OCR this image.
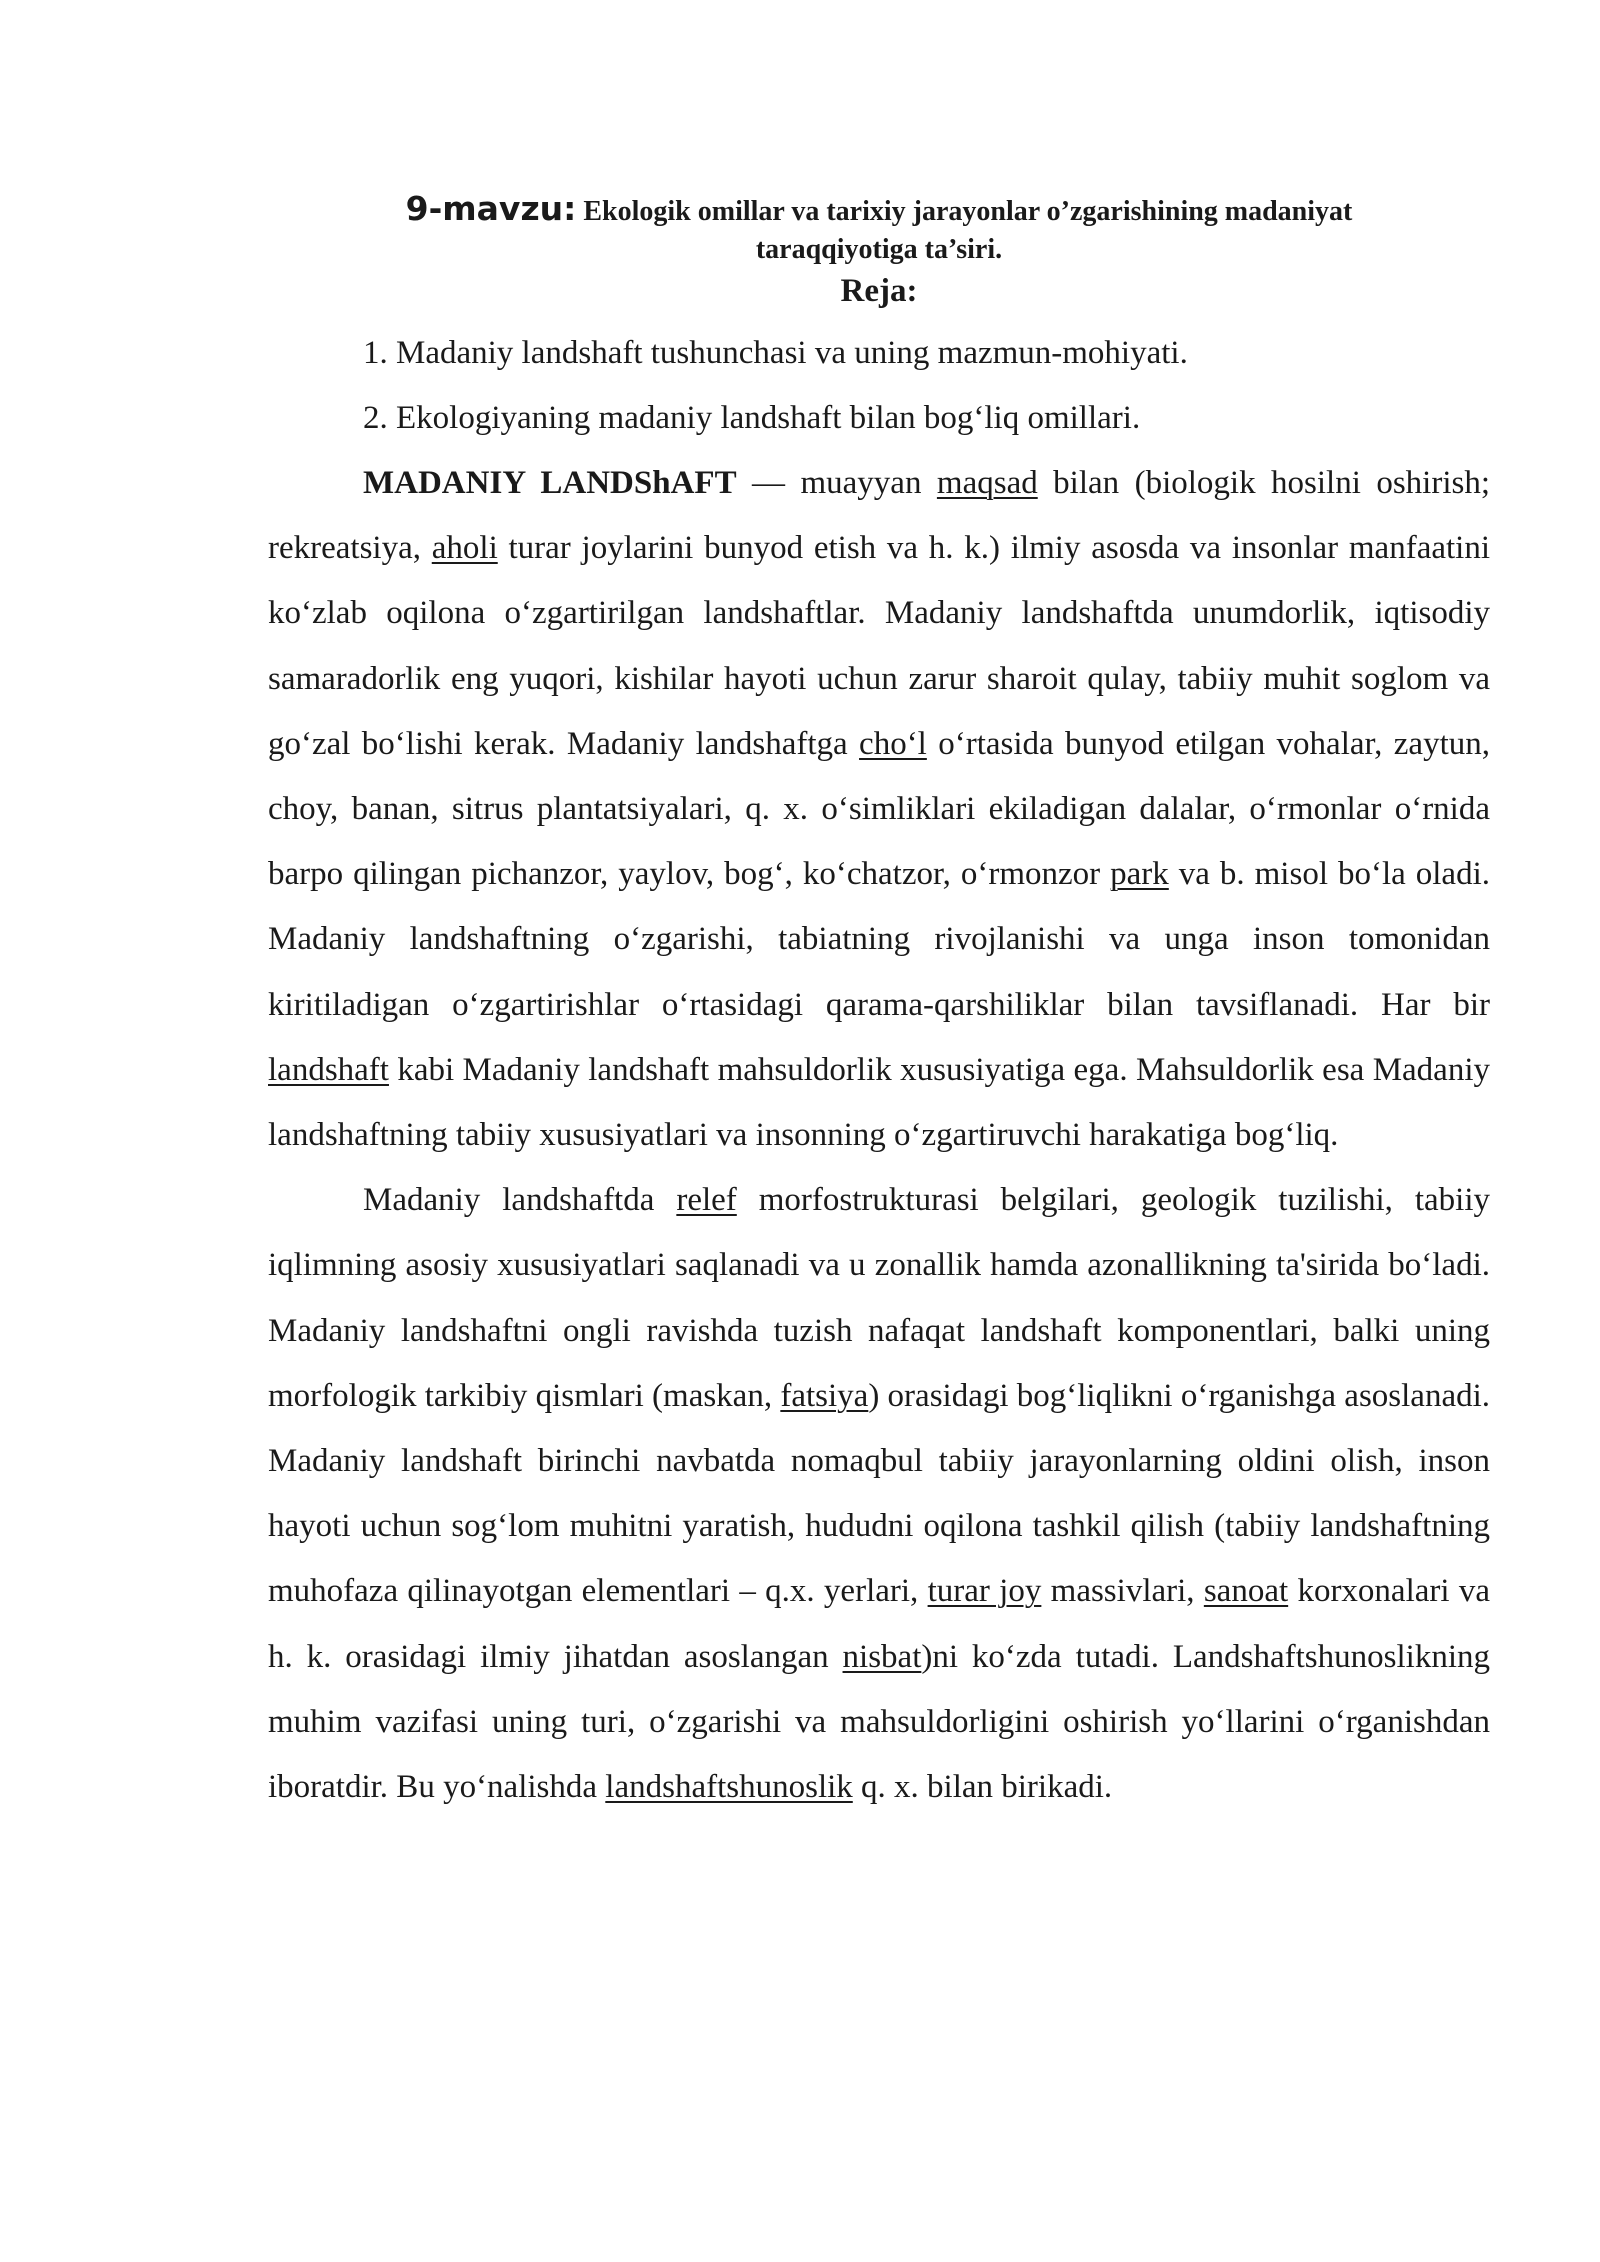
9-mavzu: Ekologik omillar va tarixiy jarayonlar o’zgarishining madaniyat
taraqqiyotiga ta’siri.

Reja:

1. Madaniy landshaft tushunchasi va uning mazmun-mohiyati.

2. Ekologiyaning madaniy landshaft bilan bog‘liq omillari.

MADANIY LANDShAFT — muayyan maqsad bilan (biologik hosilni oshirish; rekreatsiya, aholi turar joylarini bunyod etish va h. k.) ilmiy asosda va insonlar manfaatini ko‘zlab oqilona o‘zgartirilgan landshaftlar. Madaniy landshaftda unumdorlik, iqtisodiy samaradorlik eng yuqori, kishilar hayoti uchun zarur sharoit qulay, tabiiy muhit soglom va go‘zal bo‘lishi kerak. Madaniy landshaftga cho‘l o‘rtasida bunyod etilgan vohalar, zaytun, choy, banan, sitrus plantatsiyalari, q. x. o‘simliklari ekiladigan dalalar, o‘rmonlar o‘rnida barpo qilingan pichanzor, yaylov, bog‘, ko‘chatzor, o‘rmonzor park va b. misol bo‘la oladi. Madaniy landshaftning o‘zgarishi, tabiatning rivojlanishi va unga inson tomonidan kiritiladigan o‘zgartirishlar o‘rtasidagi qarama-qarshiliklar bilan tavsiflanadi. Har bir landshaft kabi Madaniy landshaft mahsuldorlik xususiyatiga ega. Mahsuldorlik esa Madaniy landshaftning tabiiy xususiyatlari va insonning o‘zgartiruvchi harakatiga bog‘liq.

Madaniy landshaftda relef morfostrukturasi belgilari, geologik tuzilishi, tabiiy iqlimning asosiy xususiyatlari saqlanadi va u zonallik hamda azonallikning ta'sirida bo‘ladi. Madaniy landshaftni ongli ravishda tuzish nafaqat landshaft komponentlari, balki uning morfologik tarkibiy qismlari (maskan, fatsiya) orasidagi bog‘liqlikni o‘rganishga asoslanadi. Madaniy landshaft birinchi navbatda nomaqbul tabiiy jarayonlarning oldini olish, inson hayoti uchun sog‘lom muhitni yaratish, hududni oqilona tashkil qilish (tabiiy landshaftning muhofaza qilinayotgan elementlari – q.x. yerlari, turar joy massivlari, sanoat korxonalari va h. k. orasidagi ilmiy jihatdan asoslangan nisbat)ni ko‘zda tutadi. Landshaftshunoslikning muhim vazifasi uning turi, o‘zgarishi va mahsuldorligini oshirish yo‘llarini o‘rganishdan iboratdir. Bu yo‘nalishda landshaftshunoslik q. x. bilan birikadi.
